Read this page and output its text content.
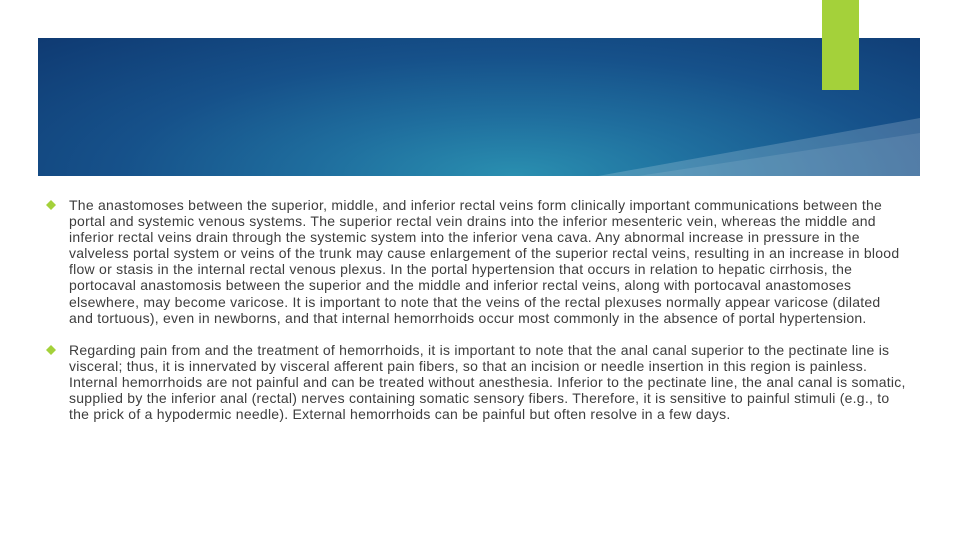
The anastomoses between the superior, middle, and inferior rectal veins form clinically important communications between the portal and systemic venous systems. The superior rectal vein drains into the inferior mesenteric vein, whereas the middle and inferior rectal veins drain through the systemic system into the inferior vena cava. Any abnormal increase in pressure in the valveless portal system or veins of the trunk may cause enlargement of the superior rectal veins, resulting in an increase in blood flow or stasis in the internal rectal venous plexus. In the portal hypertension that occurs in relation to hepatic cirrhosis, the portocaval anastomosis between the superior and the middle and inferior rectal veins, along with portocaval anastomoses elsewhere, may become varicose. It is important to note that the veins of the rectal plexuses normally appear varicose (dilated and tortuous), even in newborns, and that internal hemorrhoids occur most commonly in the absence of portal hypertension.
Regarding pain from and the treatment of hemorrhoids, it is important to note that the anal canal superior to the pectinate line is visceral; thus, it is innervated by visceral afferent pain fibers, so that an incision or needle insertion in this region is painless. Internal hemorrhoids are not painful and can be treated without anesthesia. Inferior to the pectinate line, the anal canal is somatic, supplied by the inferior anal (rectal) nerves containing somatic sensory fibers. Therefore, it is sensitive to painful stimuli (e.g., to the prick of a hypodermic needle). External hemorrhoids can be painful but often resolve in a few days.
